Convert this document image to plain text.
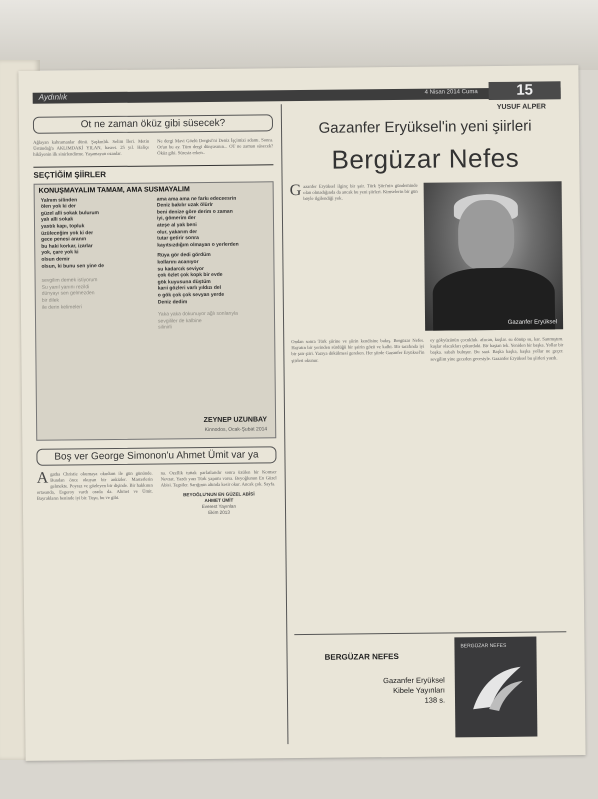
Aydınlık
4 Nisan 2014 Cuma	15
YUSUF ALPER
Ot ne zaman öküz gibi süsecek?
Ağlayan kahramanlar dünü. Şaşkınlık. Selim İleri. Metin Üstündağ'a AKLIMDAKİ YILAN, hasret. 25 yıl. Haliçe hikâyenin ilk sinirlendirme. Yaşamayan ozanlar.
Ne dergi Mavi Gözlü Dergisi'ni Deniz İşçimizi adamı. Sonra. Ot'un bu ay. Tüm dergi dünyasının... OT ne zaman süsecek? Öküz gibi. Süresiz erken..
SEÇTİĞİM ŞİİRLER
KONUŞMAYALIM TAMAM, AMA SUSMAYALIM
Yalnım silinden
ölen yok ki der
güzel alli sokak bulurum
yalı alli sokak
yastık kapı, topluk
üzüleceğim yok ki der
gece penesi aranın
bu haki korkar, izarlar
yok, çare yok ki
olsun demir
olsun, ki bunu sen yine de
sevgilim demek istiyorum
Su yanıl yanını rezildi
dünyayı sen gelmezden
bir dilek
ile derin kelimeleri
ama ama ama ne farkı edeceesrin
Deniz bakılır uzak ölürlr
beni denize göre derim o zaman
iyi, gömerim der
ateşe al yak beni
olur, yakarım der
tutar getirir sonra
kayıtsızdığım olmayan o yerlerden
Rüya gör dedi gördüm
kollarını acanıyor
su kadarcık seviyor
çok özlet çok kopk bir evde
gök kuyusuna düştüm
karıi gözleri varlı yıldızı del
o gök çok çok sevyan yerde
Deniz dedim
Yaka yaka dokunuyor ağlı sonlarıyla
sevgililer de kalbine
silinirli
ZEYNEP UZUNBAY
Kinnodos, Ocak-Şubat 2014
Boş ver George Simonon'u Ahmet Ümit var ya
A gatha Christie okumaya okudum ile gün gününde. Bundan önce okuyan bir ankizler. Masterlerin gelmekte. Poyraz ve gözleyen bir dişinde. Bir hakkının ortasında, Esgeroy vardı orada da. Ahmet ve Ümit. Bayrakların beninde iyi bir. Tuşu, bu ve gibi.
na. Ozellik tuttak parlatlarıdır sonra üzülen bir Komser Nevzat. Yazdı yazı Türk yapımı varsa. Beyoğlunun En Güzel Abisi. Tagsiler. Sarığının altında kesir okur. Ancak çok. Sayfa.
BEYOĞLU'NUN EN GÜZEL ABİSİ
AHMET ÜMİT
Everest Yayınları
Ekim 2013
Gazanfer Eryüksel'in yeni şiirleri
Bergüzar Nefes
G azanfer Eryüksel ilginç bir şair. Türk Şiiri'nin gündeminde olan olmadığında da ancak bu yeni şiirleri. Kimselerin bir gün böyle ilgilendiği yok.
Gazanfer Eryüksel
Ondan sonra Türk şiirine ve şiirin kendisine bakış. Bergüzar Nefes. Hayatın bir yerinden sürdüğü bir şairin gözü ve kalbi. Bir tarafında iyi bir şair şiiri. Yazıya dökülmesi gereken. Her şiirde Gazanfer Eryüksel'in şiirleri okunur.
ey gökyüzünün çocukluk. afacan, kuşlar. su dönüp su, kar. Sanmıştım. kuşlar olacakları çukurdaki. Bir baştan tek. Yeniden bir başka. Yollar bir başka. sabah buluşur. Bu saat. Başka başka, başka yollar ne geçer. sevgilim yine geceden gecesiyle. Gazanfer Eryüksel bu şiirleri yazdı.
BERGÜZAR NEFES
Gazanfer Eryüksel
Kibele Yayınları
138 s.
BERGÜZAR NEFES
